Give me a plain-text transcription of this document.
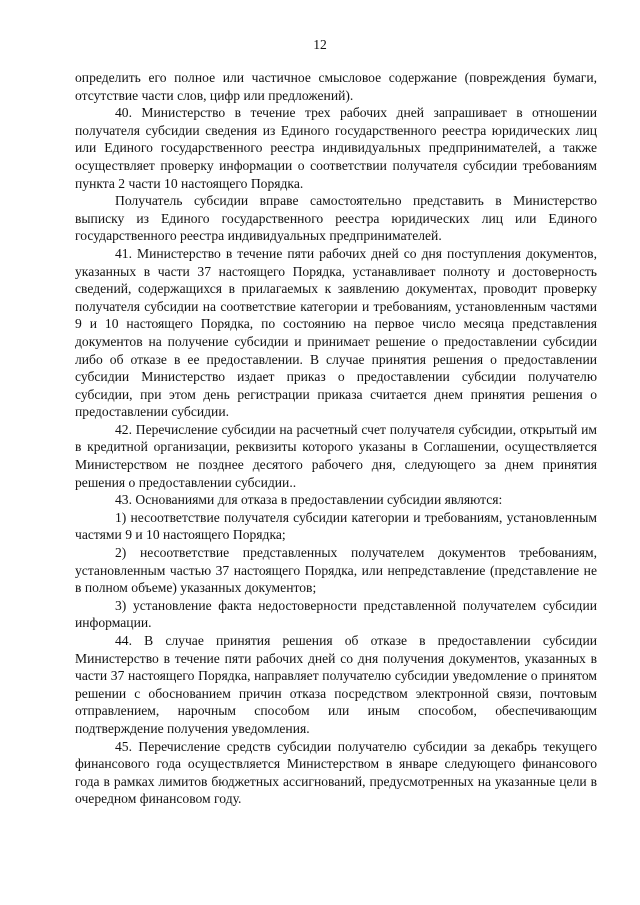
12

определить его полное или частичное смысловое содержание (повреждения бумаги, отсутствие части слов, цифр или предложений).

40. Министерство в течение трех рабочих дней запрашивает в отношении получателя субсидии сведения из Единого государственного реестра юридических лиц или Единого государственного реестра индивидуальных предпринимателей, а также осуществляет проверку информации о соответствии получателя субсидии требованиям пункта 2 части 10 настоящего Порядка.

Получатель субсидии вправе самостоятельно представить в Министерство выписку из Единого государственного реестра юридических лиц или Единого государственного реестра индивидуальных предпринимателей.

41. Министерство в течение пяти рабочих дней со дня поступления документов, указанных в части 37 настоящего Порядка, устанавливает полноту и достоверность сведений, содержащихся в прилагаемых к заявлению документах, проводит проверку получателя субсидии на соответствие категории и требованиям, установленным частями 9 и 10 настоящего Порядка, по состоянию на первое число месяца представления документов на получение субсидии и принимает решение о предоставлении субсидии либо об отказе в ее предоставлении. В случае принятия решения о предоставлении субсидии Министерство издает приказ о предоставлении субсидии получателю субсидии, при этом день регистрации приказа считается днем принятия решения о предоставлении субсидии.

42. Перечисление субсидии на расчетный счет получателя субсидии, открытый им в кредитной организации, реквизиты которого указаны в Соглашении, осуществляется Министерством не позднее десятого рабочего дня, следующего за днем принятия решения о предоставлении субсидии..

43. Основаниями для отказа в предоставлении субсидии являются:

1) несоответствие получателя субсидии категории и требованиям, установленным частями 9 и 10 настоящего Порядка;

2) несоответствие представленных получателем документов требованиям, установленным частью 37 настоящего Порядка, или непредставление (представление не в полном объеме) указанных документов;

3) установление факта недостоверности представленной получателем субсидии информации.

44. В случае принятия решения об отказе в предоставлении субсидии Министерство в течение пяти рабочих дней со дня получения документов, указанных в части 37 настоящего Порядка, направляет получателю субсидии уведомление о принятом решении с обоснованием причин отказа посредством электронной связи, почтовым отправлением, нарочным способом или иным способом, обеспечивающим подтверждение получения уведомления.

45. Перечисление средств субсидии получателю субсидии за декабрь текущего финансового года осуществляется Министерством в январе следующего финансового года в рамках лимитов бюджетных ассигнований, предусмотренных на указанные цели в очередном финансовом году.
